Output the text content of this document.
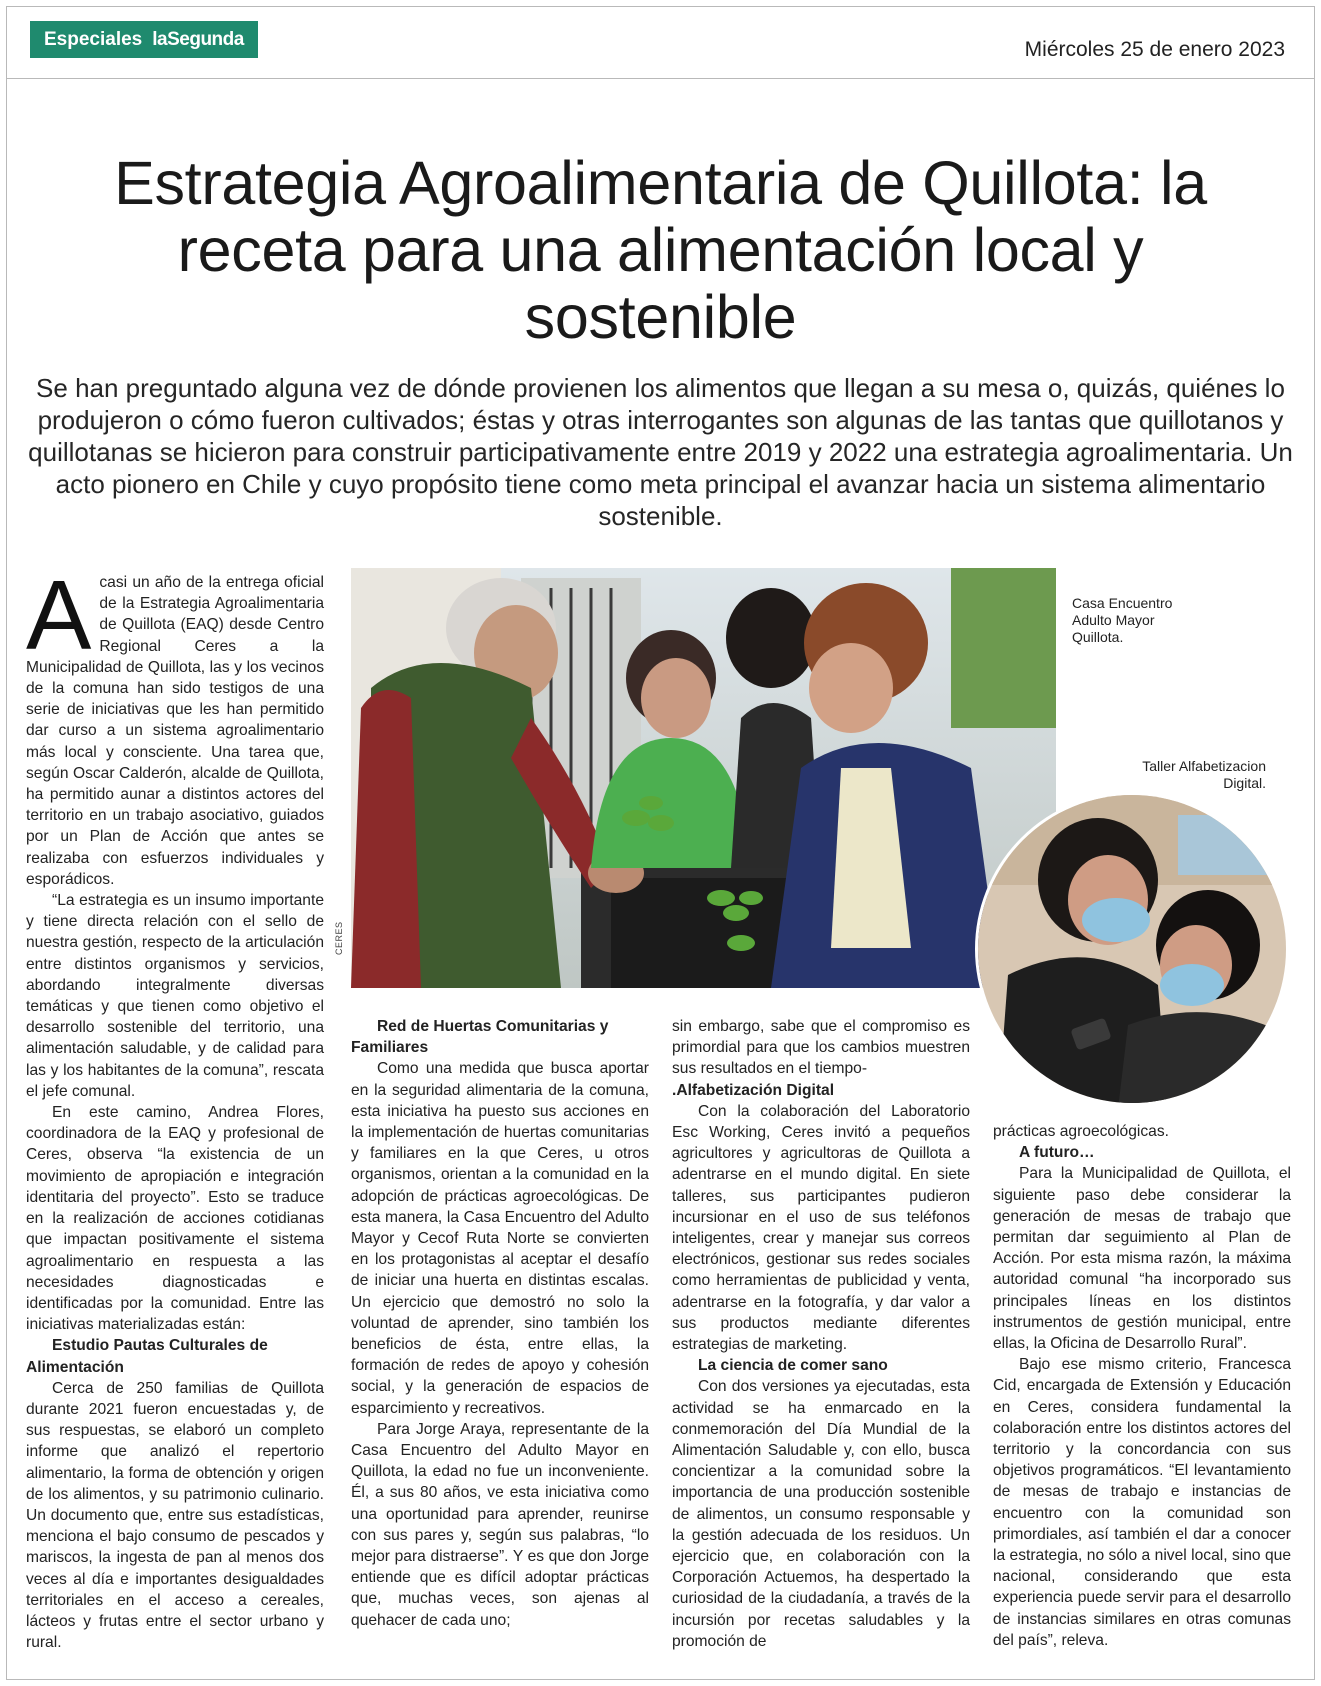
Especiales laSegunda	Miércoles 25 de enero 2023
Estrategia Agroalimentaria de Quillota: la receta para una alimentación local y sostenible
Se han preguntado alguna vez de dónde provienen los alimentos que llegan a su mesa o, quizás, quiénes lo produjeron o cómo fueron cultivados; éstas y otras interrogantes son algunas de las tantas que quillotanos y quillotanas se hicieron para construir participativamente entre 2019 y 2022 una estrategia agroalimentaria. Un acto pionero en Chile y cuyo propósito tiene como meta principal el avanzar hacia un sistema alimentario sostenible.
A casi un año de la entrega oficial de la Estrategia Agroalimentaria de Quillota (EAQ) desde Centro Regional Ceres a la Municipalidad de Quillota, las y los vecinos de la comuna han sido testigos de una serie de iniciativas que les han permitido dar curso a un sistema agroalimentario más local y consciente. Una tarea que, según Oscar Calderón, alcalde de Quillota, ha permitido aunar a distintos actores del territorio en un trabajo asociativo, guiados por un Plan de Acción que antes se realizaba con esfuerzos individuales y esporádicos.

“La estrategia es un insumo importante y tiene directa relación con el sello de nuestra gestión, respecto de la articulación entre distintos organismos y servicios, abordando integralmente diversas temáticas y que tienen como objetivo el desarrollo sostenible del territorio, una alimentación saludable, y de calidad para las y los habitantes de la comuna”, rescata el jefe comunal.

En este camino, Andrea Flores, coordinadora de la EAQ y profesional de Ceres, observa “la existencia de un movimiento de apropiación e integración identitaria del proyecto”. Esto se traduce en la realización de acciones cotidianas que impactan positivamente el sistema agroalimentario en respuesta a las necesidades diagnosticadas e identificadas por la comunidad. Entre las iniciativas materializadas están:

Estudio Pautas Culturales de Alimentación

Cerca de 250 familias de Quillota durante 2021 fueron encuestadas y, de sus respuestas, se elaboró un completo informe que analizó el repertorio alimentario, la forma de obtención y origen de los alimentos, y su patrimonio culinario. Un documento que, entre sus estadísticas, menciona el bajo consumo de pescados y mariscos, la ingesta de pan al menos dos veces al día e importantes desigualdades territoriales en el acceso a cereales, lácteos y frutas entre el sector urbano y rural.

CERES
Casa Encuentro
Adulto Mayor
Quillota.
Taller Alfabetizacion
Digital.
Red de Huertas Comunitarias y Familiares

Como una medida que busca aportar en la seguridad alimentaria de la comuna, esta iniciativa ha puesto sus acciones en la implementación de huertas comunitarias y familiares en la que Ceres, u otros organismos, orientan a la comunidad en la adopción de prácticas agroecológicas. De esta manera, la Casa Encuentro del Adulto Mayor y Cecof Ruta Norte se convierten en los protagonistas al aceptar el desafío de iniciar una huerta en distintas escalas. Un ejercicio que demostró no solo la voluntad de aprender, sino también los beneficios de ésta, entre ellas, la formación de redes de apoyo y cohesión social, y la generación de espacios de esparcimiento y recreativos.

Para Jorge Araya, representante de la Casa Encuentro del Adulto Mayor en Quillota, la edad no fue un inconveniente. Él, a sus 80 años, ve esta iniciativa como una oportunidad para aprender, reunirse con sus pares y, según sus palabras, “lo mejor para distraerse”. Y es que don Jorge entiende que es difícil adoptar prácticas que, muchas veces, son ajenas al quehacer de cada uno;

sin embargo, sabe que el compromiso es primordial para que los cambios muestren sus resultados en el tiempo-

.Alfabetización Digital

Con la colaboración del Laboratorio Esc Working, Ceres invitó a pequeños agricultores y agricultoras de Quillota a adentrarse en el mundo digital. En siete talleres, sus participantes pudieron incursionar en el uso de sus teléfonos inteligentes, crear y manejar sus correos electrónicos, gestionar sus redes sociales como herramientas de publicidad y venta, adentrarse en la fotografía, y dar valor a sus productos mediante diferentes estrategias de marketing.

La ciencia de comer sano

Con dos versiones ya ejecutadas, esta actividad se ha enmarcado en la conmemoración del Día Mundial de la Alimentación Saludable y, con ello, busca concientizar a la comunidad sobre la importancia de una producción sostenible de alimentos, un consumo responsable y la gestión adecuada de los residuos. Un ejercicio que, en colaboración con la Corporación Actuemos, ha despertado la curiosidad de la ciudadanía, a través de la incursión por recetas saludables y la promoción de

prácticas agroecológicas.

A futuro…

Para la Municipalidad de Quillota, el siguiente paso debe considerar la generación de mesas de trabajo que permitan dar seguimiento al Plan de Acción. Por esta misma razón, la máxima autoridad comunal “ha incorporado sus principales líneas en los distintos instrumentos de gestión municipal, entre ellas, la Oficina de Desarrollo Rural”.

Bajo ese mismo criterio, Francesca Cid, encargada de Extensión y Educación en Ceres, considera fundamental la colaboración entre los distintos actores del territorio y la concordancia con sus objetivos programáticos. “El levantamiento de mesas de trabajo e instancias de encuentro con la comunidad son primordiales, así también el dar a conocer la estrategia, no sólo a nivel local, sino que nacional, considerando que esta experiencia puede servir para el desarrollo de instancias similares en otras comunas del país”, releva.
